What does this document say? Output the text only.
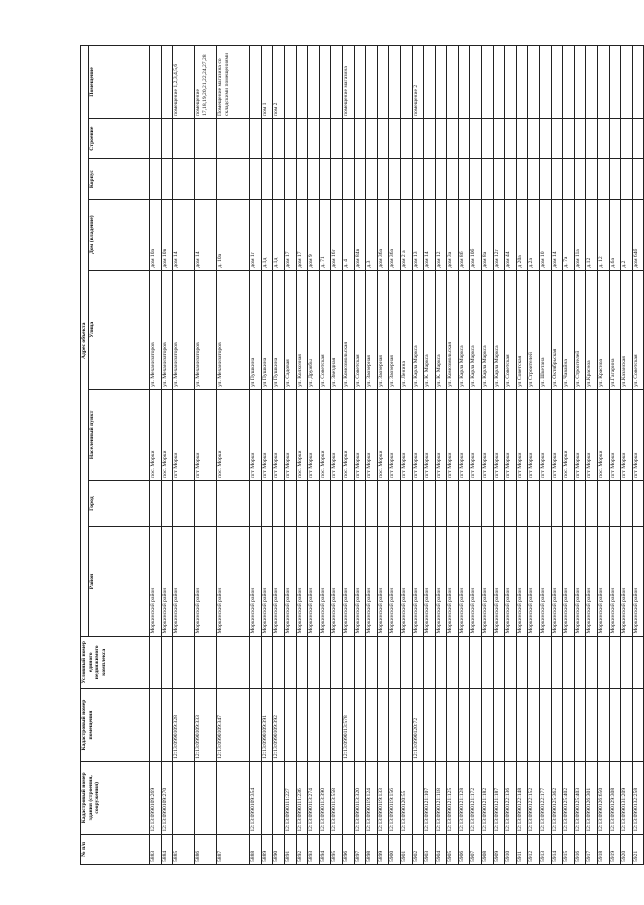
№ п/п	Кадастровый номер здания (строения, сооружения)	Кадастровый номер помещения	Условный номер единого недвижимого комплекса	Адрес объекта							
				Район	Город	Населенный пункт	Улица	Дом (владение)	Корпус	Строение	Помещение
5883	12:13:0990109:269			Моркинский район		пос. Морки	ул. Механизаторов	дом 10а			
5884	12:13:0990109:270			Моркинский район		пос. Морки	ул. Механизаторов	дом 10в			
5885		12:13:0990109:328		Моркинский район		пгт Морки	ул. Механизаторов	дом 14			помещение 1,2,3,4,5,6
5886		12:13:0990109:333		Моркинский район		пгт Морки	ул. Механизаторов	дом 14			помещение 17,18,19,20,21,22,24,27,28
5887		12:13:0990109:347		Моркинский район		пос. Морки	ул. Механизаторов	д. 10а			Помещение магазина со складскими помещениями
5888	12:13:0990109:354			Моркинский район		пгт Морки	ул Пушкина	дом 1г			
5889		12:13:0990109:391		Моркинский район		пгт Морки	ул Пушкина	д.1д			пом 1
5890		12:13:0990109:392		Моркинский район		пгт Морки	ул Пушкина	д.1д			пом 2
5891	12:13:0990111:227			Моркинский район		пгт Морки	ул. Садовая	дом 17			
5892	12:13:0990111:236			Моркинский район		пос. Морки	ул. Колхозная	дом 17			
5893	12:13:0990113:274			Моркинский район		пгт Морки	ул. Дружбы	дом 9			
5894	12:13:0990113:390			Моркинский район		пос. Морки	ул. Советская	д. 71			
5895	12:13:0990113:558			Моркинский район		пгт Морки	ул. Звездная	дом 16г			
5896		12:13:0990113:578		Моркинский район		пос. Морки	ул. Комсомольская	д. 4			помещение магазина
5897	12:13:0990113:320			Моркинский район		пгт Морки	ул. Советская	дом 84в			
5898	12:13:0990119:124			Моркинский район		пгт Морки	ул. Заозерная	д.3			
5899	12:13:0990119:133			Моркинский район		пос. Морки	ул. Заозерная	дом 36а			
5900	12:13:0990119:156			Моркинский район		пгт Морки	ул. Заозерная	дом 36а			
5901	12:13:0990120:55			Моркинский район		пгт Морки	ул. Ленина	дом 2 а			
5902		12:13:0990120:72		Моркинский район		пгт Морки	ул. Карла Маркса	дом 13			помещение 2
5903	12:13:0990121:107			Моркинский район		пгт Морки	ул. К. Маркса	дом 14			
5904	12:13:0990121:118			Моркинский район		пгт Морки	ул. К. Маркса	дом 12			
5905	12:13:0990121:125			Моркинский район		пгт Морки	ул. Комсомольская	дом 3а			
5906	12:13:0990121:128			Моркинский район		пгт Морки	ул. Карла Маркса	дом 8б			
5907	12:13:0990121:172			Моркинский район		пгт Морки	ул. Карла Маркса	дом 10б			
5908	12:13:0990121:182			Моркинский район		пгт Морки	ул. Карла Маркса	дом 8а			
5909	12:13:0990121:187			Моркинский район		пгт Морки	ул. Карла Маркса	дом 12г			
5910	12:13:0990122:136			Моркинский район		пгт Морки	ул. Советская	дом 44			
5911	12:13:0990122:148			Моркинский район		пгт Морки	ул Советская	д 20а			
5912	12:13:0990122:152			Моркинский район		пгт Морки	ул Строителей	д.2а			
5913	12:13:0990122:177			Моркинский район		пгт Морки	ул. Шкетана	дом 10			
5914	12:13:0990125:362			Моркинский район		пгт Морки	ул. Октябрьская	дом 14			
5915	12:13:0990125:402			Моркинский район		пос. Морки	ул. Чавайна	д. 7а			
5916	12:13:0990125:403			Моркинский район		пгт Морки	ул. Строителей	дом 11а			
5917	12:13:0990126:301			Моркинский район		пгт Морки	ул.Красноа	д.12			
5918	12:13:0990126:650			Моркинский район		пос. Морки	ул. Красноа	д. 12			
5919	12:13:0990129:308			Моркинский район		пгт Морки	ул.Гагарина	д.6а			
5920	12:13:0990131:209			Моркинский район		пгт Морки	ул.Казанская	д.2			
5921	12:13:0990132:258			Моркинский район		пгт Морки	ул. Советская	дом 64б			
